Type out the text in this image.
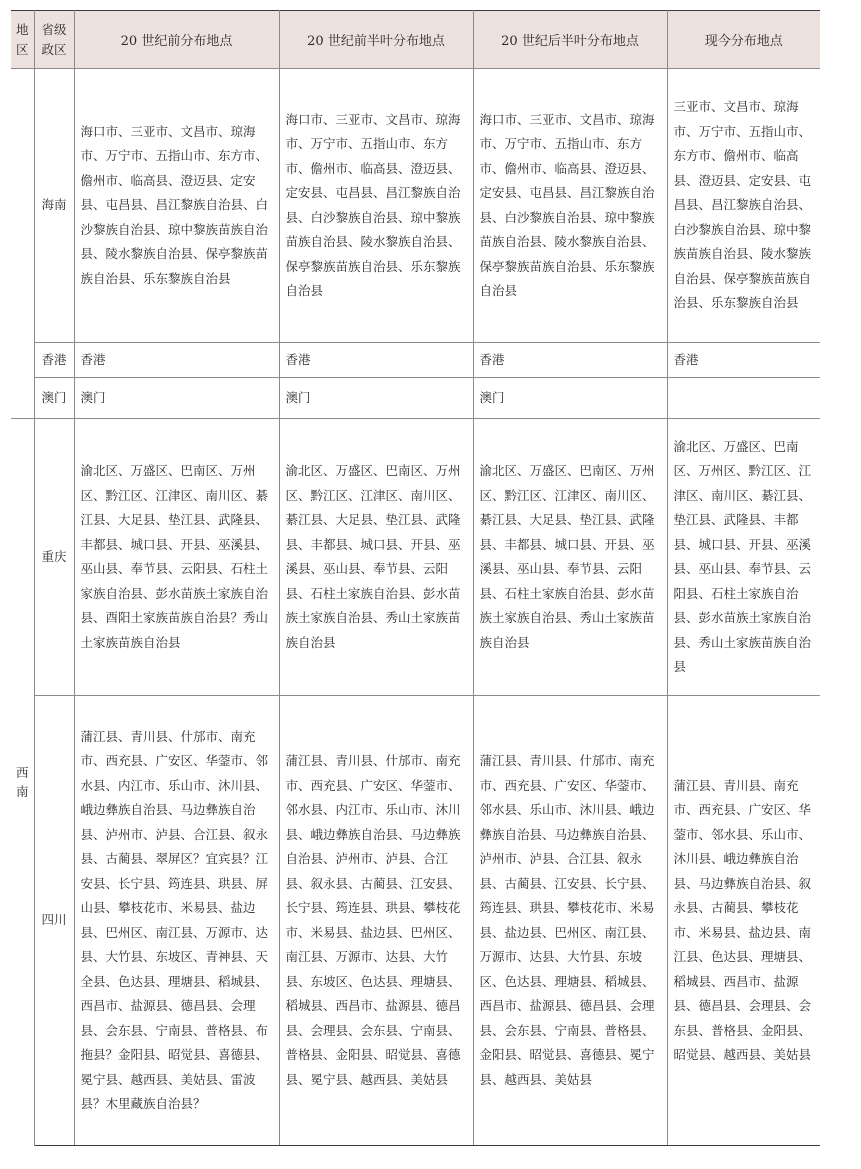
地区	省级政区	20 世纪前分布地点	20 世纪前半叶分布地点	20 世纪后半叶分布地点	现今分布地点
	海南	海口市、三亚市、文昌市、琼海市、万宁市、五指山市、东方市、儋州市、临高县、澄迈县、定安县、屯昌县、昌江黎族自治县、白沙黎族自治县、琼中黎族苗族自治县、陵水黎族自治县、保亭黎族苗族自治县、乐东黎族自治县	海口市、三亚市、文昌市、琼海市、万宁市、五指山市、东方市、儋州市、临高县、澄迈县、定安县、屯昌县、昌江黎族自治县、白沙黎族自治县、琼中黎族苗族自治县、陵水黎族自治县、保亭黎族苗族自治县、乐东黎族自治县	海口市、三亚市、文昌市、琼海市、万宁市、五指山市、东方市、儋州市、临高县、澄迈县、定安县、屯昌县、昌江黎族自治县、白沙黎族自治县、琼中黎族苗族自治县、陵水黎族自治县、保亭黎族苗族自治县、乐东黎族自治县	三亚市、文昌市、琼海市、万宁市、五指山市、东方市、儋州市、临高县、澄迈县、定安县、屯昌县、昌江黎族自治县、白沙黎族自治县、琼中黎族苗族自治县、陵水黎族自治县、保亭黎族苗族自治县、乐东黎族自治县
	香港	香港	香港	香港	香港
	澳门	澳门	澳门	澳门	
西南	重庆	渝北区、万盛区、巴南区、万州区、黔江区、江津区、南川区、綦江县、大足县、垫江县、武隆县、丰都县、城口县、开县、巫溪县、巫山县、奉节县、云阳县、石柱土家族自治县、彭水苗族土家族自治县、酉阳土家族苗族自治县？秀山土家族苗族自治县	渝北区、万盛区、巴南区、万州区、黔江区、江津区、南川区、綦江县、大足县、垫江县、武隆县、丰都县、城口县、开县、巫溪县、巫山县、奉节县、云阳县、石柱土家族自治县、彭水苗族土家族自治县、秀山土家族苗族自治县	渝北区、万盛区、巴南区、万州区、黔江区、江津区、南川区、綦江县、大足县、垫江县、武隆县、丰都县、城口县、开县、巫溪县、巫山县、奉节县、云阳县、石柱土家族自治县、彭水苗族土家族自治县、秀山土家族苗族自治县	渝北区、万盛区、巴南区、万州区、黔江区、江津区、南川区、綦江县、垫江县、武隆县、丰都县、城口县、开县、巫溪县、巫山县、奉节县、云阳县、石柱土家族自治县、彭水苗族土家族自治县、秀山土家族苗族自治县
	四川	蒲江县、青川县、什邡市、南充市、西充县、广安区、华蓥市、邻水县、内江市、乐山市、沐川县、峨边彝族自治县、马边彝族自治县、泸州市、泸县、合江县、叙永县、古蔺县、翠屏区？宜宾县？江安县、长宁县、筠连县、珙县、屏山县、攀枝花市、米易县、盐边县、巴州区、南江县、万源市、达县、大竹县、东坡区、青神县、天全县、色达县、理塘县、稻城县、西昌市、盐源县、德昌县、会理县、会东县、宁南县、普格县、布拖县？金阳县、昭觉县、喜德县、冕宁县、越西县、美姑县、雷波县？木里藏族自治县？	蒲江县、青川县、什邡市、南充市、西充县、广安区、华蓥市、邻水县、内江市、乐山市、沐川县、峨边彝族自治县、马边彝族自治县、泸州市、泸县、合江县、叙永县、古蔺县、江安县、长宁县、筠连县、珙县、攀枝花市、米易县、盐边县、巴州区、南江县、万源市、达县、大竹县、东坡区、色达县、理塘县、稻城县、西昌市、盐源县、德昌县、会理县、会东县、宁南县、普格县、金阳县、昭觉县、喜德县、冕宁县、越西县、美姑县	蒲江县、青川县、什邡市、南充市、西充县、广安区、华蓥市、邻水县、乐山市、沐川县、峨边彝族自治县、马边彝族自治县、泸州市、泸县、合江县、叙永县、古蔺县、江安县、长宁县、筠连县、珙县、攀枝花市、米易县、盐边县、巴州区、南江县、万源市、达县、大竹县、东坡区、色达县、理塘县、稻城县、西昌市、盐源县、德昌县、会理县、会东县、宁南县、普格县、金阳县、昭觉县、喜德县、冕宁县、越西县、美姑县	蒲江县、青川县、南充市、西充县、广安区、华蓥市、邻水县、乐山市、沐川县、峨边彝族自治县、马边彝族自治县、叙永县、古蔺县、攀枝花市、米易县、盐边县、南江县、色达县、理塘县、稻城县、西昌市、盐源县、德昌县、会理县、会东县、普格县、金阳县、昭觉县、越西县、美姑县
